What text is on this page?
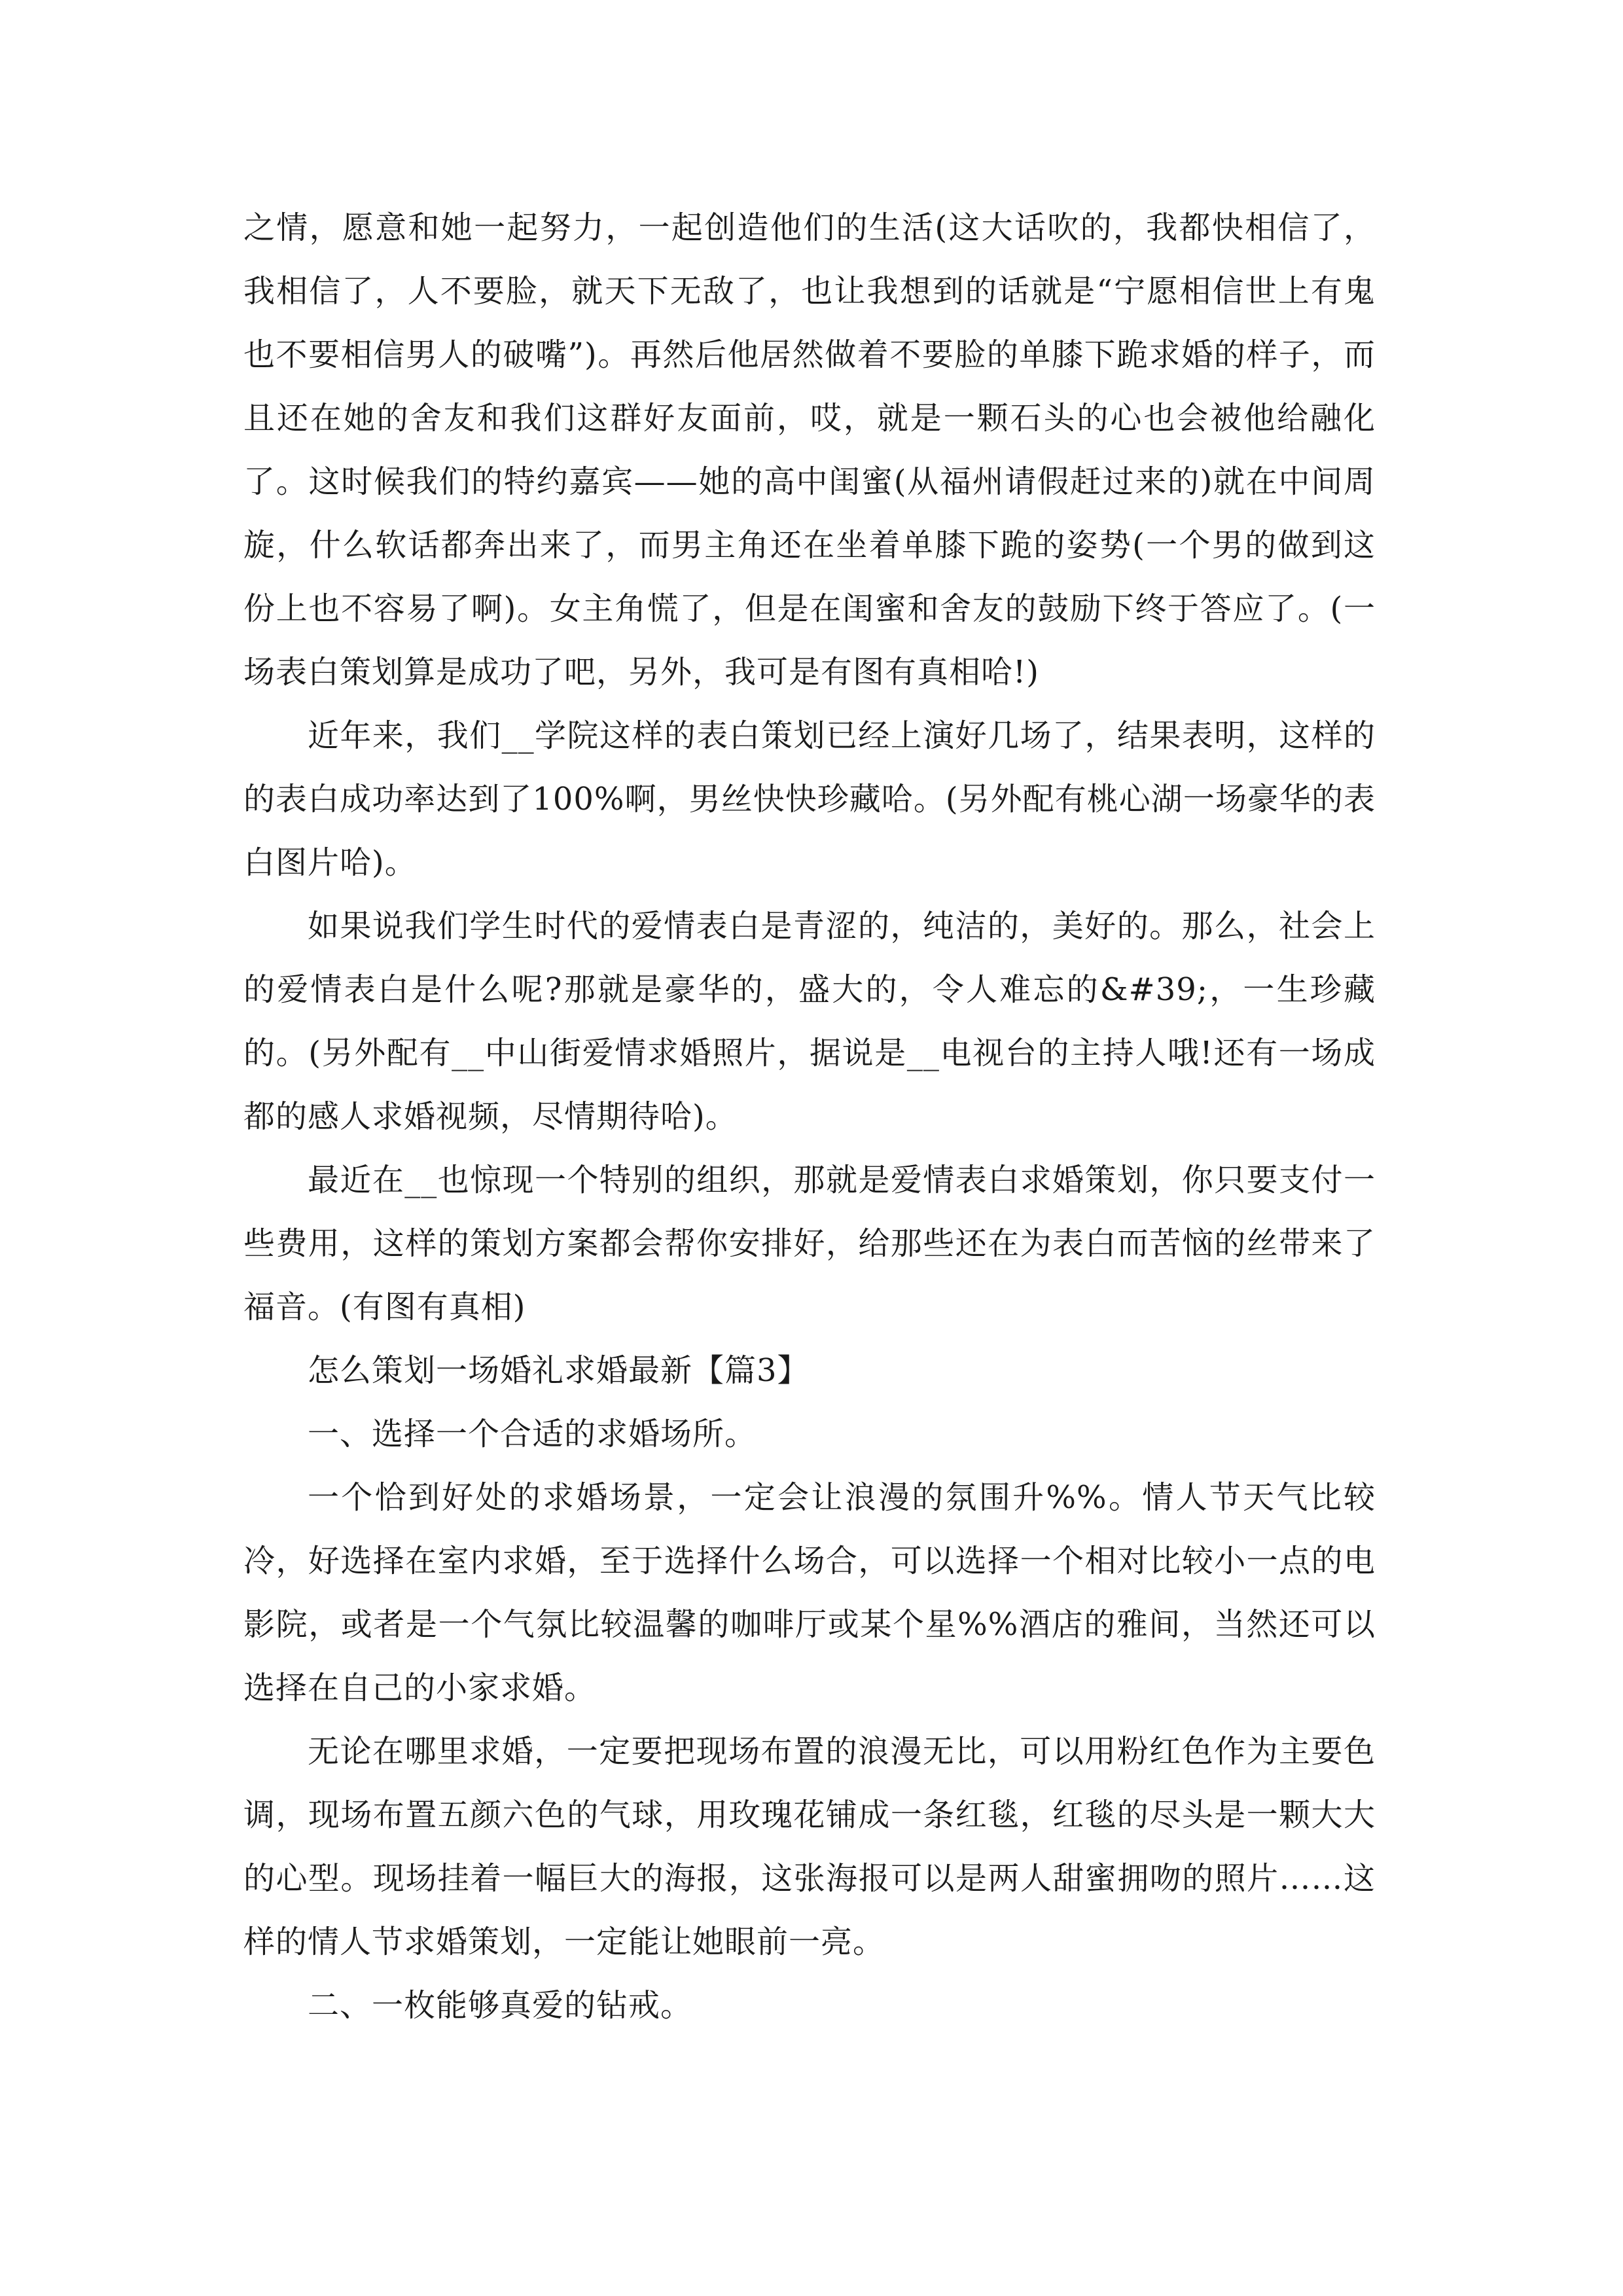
之情，愿意和她一起努力，一起创造他们的生活(这大话吹的，我都快相信了，我相信了，人不要脸，就天下无敌了，也让我想到的话就是“宁愿相信世上有鬼也不要相信男人的破嘴”)。再然后他居然做着不要脸的单膝下跪求婚的样子，而且还在她的舍友和我们这群好友面前，哎，就是一颗石头的心也会被他给融化了。这时候我们的特约嘉宾——她的高中闺蜜(从福州请假赶过来的)就在中间周旋，什么软话都奔出来了，而男主角还在坐着单膝下跪的姿势(一个男的做到这份上也不容易了啊)。女主角慌了，但是在闺蜜和舍友的鼓励下终于答应了。(一场表白策划算是成功了吧，另外，我可是有图有真相哈!)

近年来，我们__学院这样的表白策划已经上演好几场了，结果表明，这样的的表白成功率达到了100%啊，男丝快快珍藏哈。(另外配有桃心湖一场豪华的表白图片哈)。

如果说我们学生时代的爱情表白是青涩的，纯洁的，美好的。那么，社会上的爱情表白是什么呢?那就是豪华的，盛大的，令人难忘的&#39;，一生珍藏的。(另外配有__中山街爱情求婚照片，据说是__电视台的主持人哦!还有一场成都的感人求婚视频，尽情期待哈)。

最近在__也惊现一个特别的组织，那就是爱情表白求婚策划，你只要支付一些费用，这样的策划方案都会帮你安排好，给那些还在为表白而苦恼的丝带来了福音。(有图有真相)

怎么策划一场婚礼求婚最新【篇3】

一、选择一个合适的求婚场所。

一个恰到好处的求婚场景，一定会让浪漫的氛围升%%。情人节天气比较冷，好选择在室内求婚，至于选择什么场合，可以选择一个相对比较小一点的电影院，或者是一个气氛比较温馨的咖啡厅或某个星%%酒店的雅间，当然还可以选择在自己的小家求婚。

无论在哪里求婚，一定要把现场布置的浪漫无比，可以用粉红色作为主要色调，现场布置五颜六色的气球，用玫瑰花铺成一条红毯，红毯的尽头是一颗大大的心型。现场挂着一幅巨大的海报，这张海报可以是两人甜蜜拥吻的照片……这样的情人节求婚策划，一定能让她眼前一亮。

二、一枚能够真爱的钻戒。
